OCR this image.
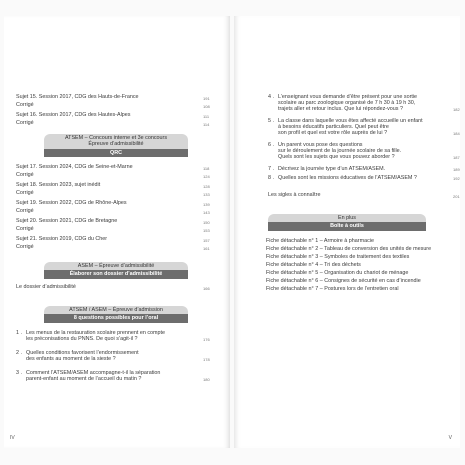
Sujet 15. Session 2017, CDG des Hauts-de-France	191
Corrigé	108
Sujet 16. Session 2017, CDG des Hautes-Alpes	111
Corrigé	114
ATSEM – Concours interne et 3e concours
Épreuve d’admissibilité
QRC
Sujet 17. Session 2024, CDG de Seine-et-Marne	118
Corrigé	124
Sujet 18. Session 2023, sujet inédit	128
Corrigé	133
Sujet 19. Session 2022, CDG de Rhône-Alpes	139
Corrigé	143
Sujet 20. Session 2021, CDG de Bretagne	150
Corrigé	153
Sujet 21. Session 2019, CDG du Cher	157
Corrigé	161
ASEM – Épreuve d’admissibilité
Élaborer son dossier d’admissibilité
Le dossier d’admissibilité	166
ATSEM / ASEM – Épreuve d’admission
8 questions possibles pour l’oral
1 . Les menus de la restauration scolaire prennent en compte
les préconisations du PNNS. De quoi s’agit-il ?	176
2 . Quelles conditions favorisent l’endormissement
des enfants au moment de la sieste ?	178
3 . Comment l’ATSEM/ASEM accompagne-t-il la séparation
parent-enfant au moment de l’accueil du matin ?	180
IV
4 . L’enseignant vous demande d’être présent pour une sortie
scolaire au parc zoologique organisé de 7 h 30 à 19 h 30,
trajets aller et retour inclus. Que lui répondez-vous ?	182
5 . La classe dans laquelle vous êtes affecté accueille un enfant
à besoins éducatifs particuliers. Quel peut être
son profil et quel est votre rôle auprès de lui ?	184
6 . Un parent vous pose des questions
sur le déroulement de la journée scolaire de sa fille.
Quels sont les sujets que vous pouvez aborder ?	187
7 . Décrivez la journée type d’un ATSEM/ASEM.	189
8 . Quelles sont les missions éducatives de l’ATSEM/ASEM ?	192
Les sigles à connaître	201
En plus
Boîte à outils
Fiche détachable n° 1 – Armoire à pharmacie
Fiche détachable n° 2 – Tableau de conversion des unités de mesure
Fiche détachable n° 3 – Symboles de traitement des textiles
Fiche détachable n° 4 – Tri des déchets
Fiche détachable n° 5 – Organisation du chariot de ménage
Fiche détachable n° 6 – Consignes de sécurité en cas d’incendie
Fiche détachable n° 7 – Postures lors de l’entretien oral
V
